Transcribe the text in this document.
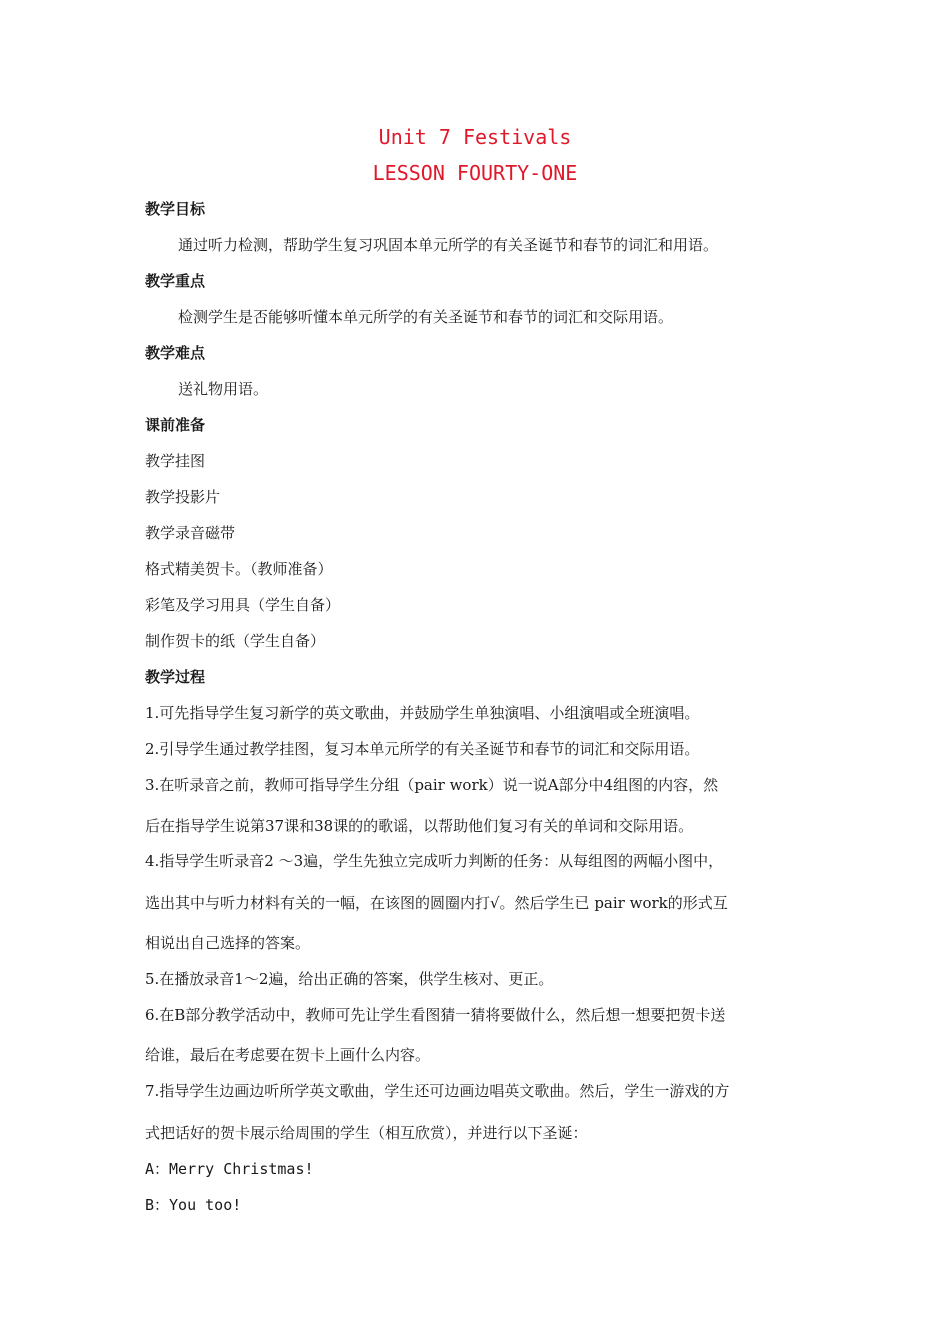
Unit 7 Festivals
LESSON FOURTY-ONE
教学目标
通过听力检测，帮助学生复习巩固本单元所学的有关圣诞节和春节的词汇和用语。
教学重点
检测学生是否能够听懂本单元所学的有关圣诞节和春节的词汇和交际用语。
教学难点
送礼物用语。
课前准备
教学挂图
教学投影片
教学录音磁带
格式精美贺卡。（教师准备）
彩笔及学习用具（学生自备）
制作贺卡的纸（学生自备）
教学过程
1.可先指导学生复习新学的英文歌曲，并鼓励学生单独演唱、小组演唱或全班演唱。
2.引导学生通过教学挂图，复习本单元所学的有关圣诞节和春节的词汇和交际用语。
3.在听录音之前，教师可指导学生分组（pair work）说一说A部分中4组图的内容，然
后在指导学生说第37课和38课的的歌谣，以帮助他们复习有关的单词和交际用语。
4.指导学生听录音2 ～3遍，学生先独立完成听力判断的任务：从每组图的两幅小图中，
选出其中与听力材料有关的一幅，在该图的圆圈内打√。然后学生已 pair work的形式互
相说出自己选择的答案。
5.在播放录音1～2遍，给出正确的答案，供学生核对、更正。
6.在B部分教学活动中，教师可先让学生看图猜一猜将要做什么，然后想一想要把贺卡送
给谁，最后在考虑要在贺卡上画什么内容。
7.指导学生边画边听所学英文歌曲，学生还可边画边唱英文歌曲。然后，学生一游戏的方
式把话好的贺卡展示给周围的学生（相互欣赏），并进行以下圣诞：
A：Merry Christmas!
B：You too!
